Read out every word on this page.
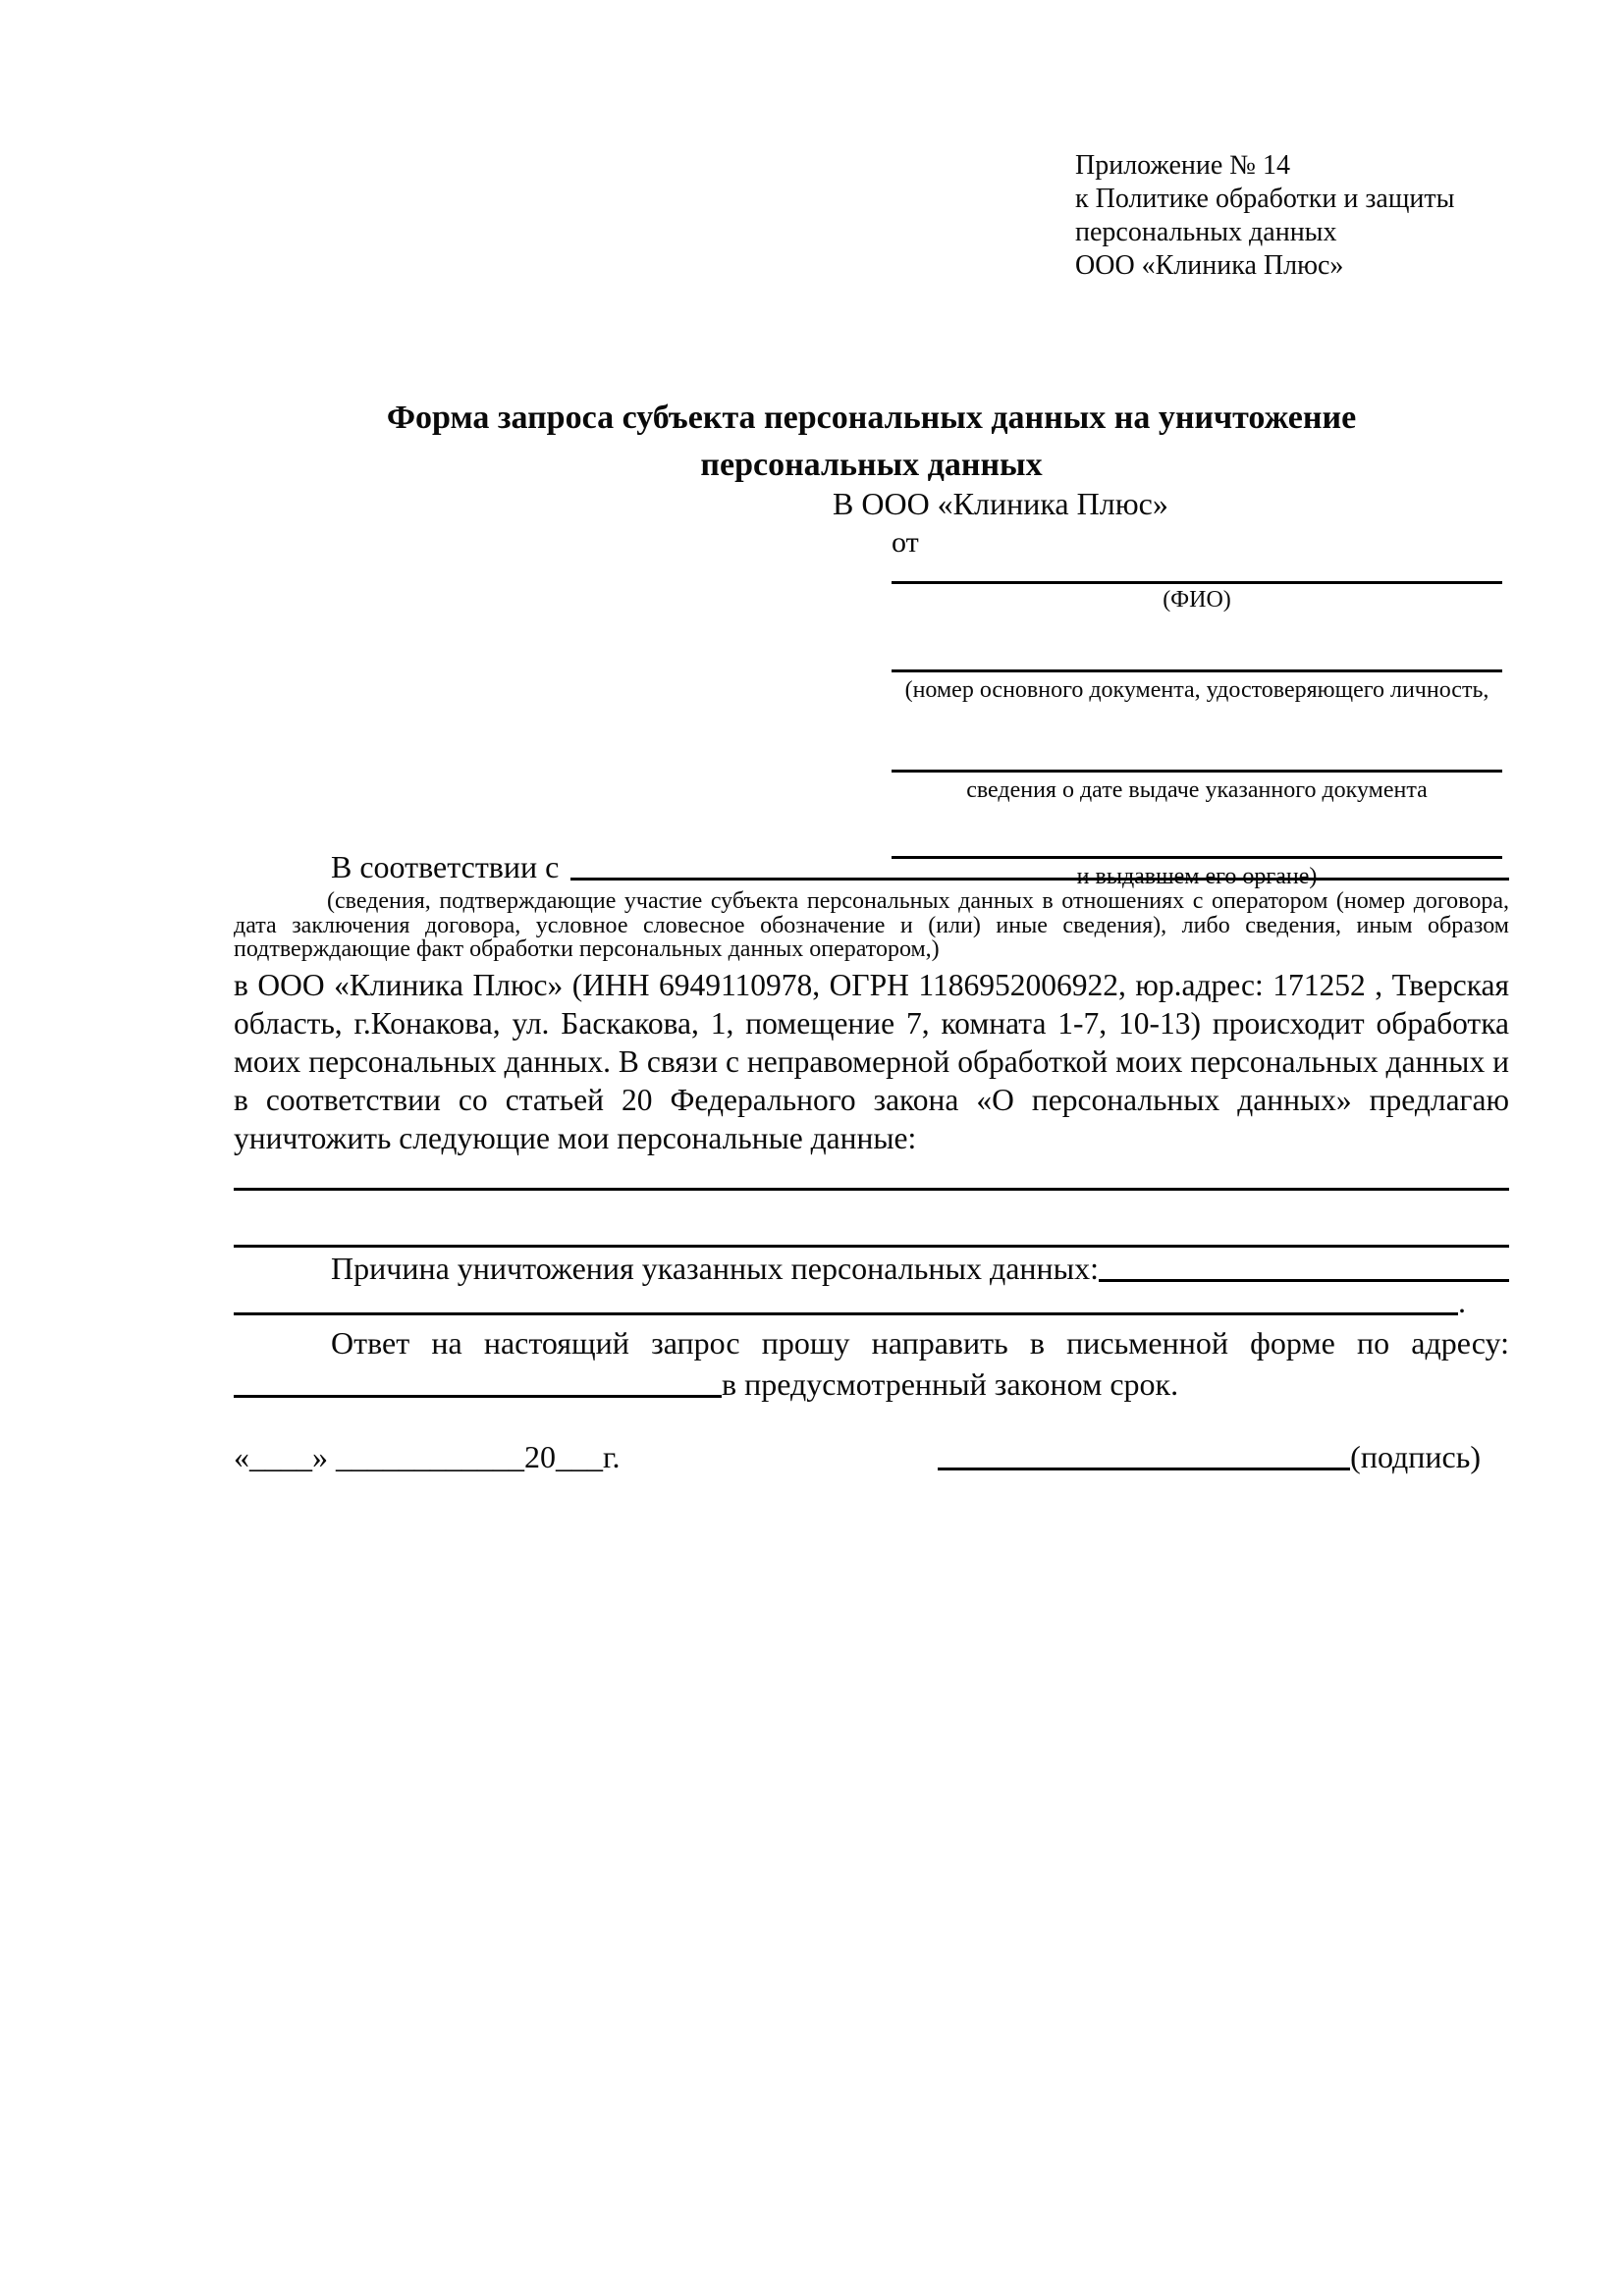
Приложение № 14
к Политике обработки и защиты
персональных данных
ООО «Клиника Плюс»
Форма запроса субъекта персональных данных на уничтожение
персональных данных
В ООО «Клиника Плюс»
от
(ФИО)
(номер основного документа, удостоверяющего личность,
сведения о дате выдаче указанного документа
и выдавшем его органе)
В соответствии с
(сведения, подтверждающие участие субъекта персональных данных в отношениях с оператором (номер договора, дата заключения договора, условное словесное обозначение и (или) иные сведения), либо сведения, иным образом подтверждающие факт обработки персональных данных оператором,)
в ООО «Клиника Плюс» (ИНН 6949110978, ОГРН 1186952006922, юр.адрес: 171252 , Тверская область, г.Конакова, ул. Баскакова, 1, помещение 7, комната 1-7, 10-13) происходит обработка моих персональных данных. В связи с неправомерной обработкой моих персональных данных и в соответствии со статьей 20 Федерального закона «О персональных данных» предлагаю уничтожить следующие мои персональные данные:
Причина уничтожения указанных персональных данных:
.
Ответ на настоящий запрос прошу направить в письменной форме по адресу:
в предусмотренный законом срок.
«____» ____________20___г.	(подпись)
